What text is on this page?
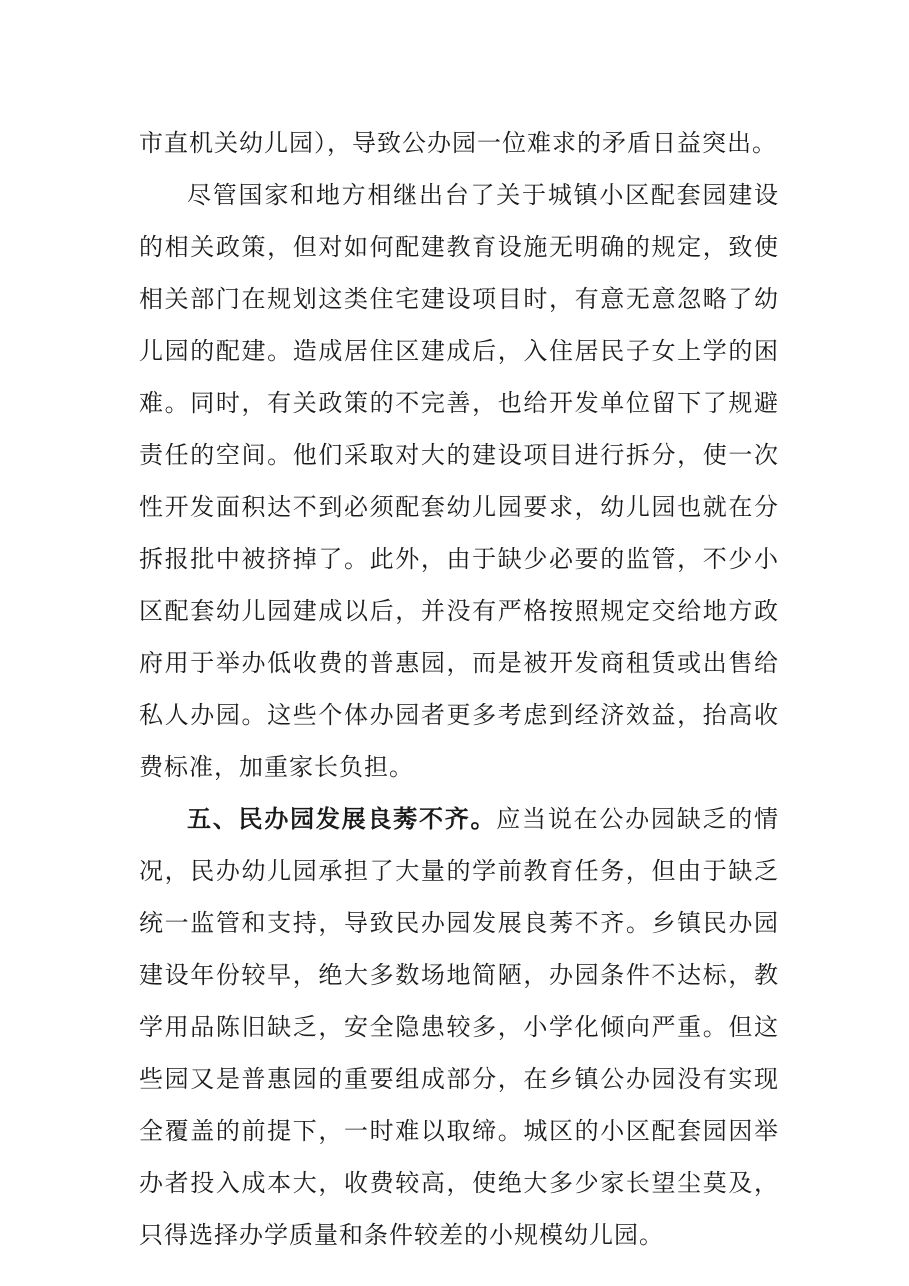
市直机关幼儿园），导致公办园一位难求的矛盾日益突出。
尽管国家和地方相继出台了关于城镇小区配套园建设
的相关政策，但对如何配建教育设施无明确的规定，致使
相关部门在规划这类住宅建设项目时，有意无意忽略了幼
儿园的配建。造成居住区建成后，入住居民子女上学的困
难。同时，有关政策的不完善，也给开发单位留下了规避
责任的空间。他们采取对大的建设项目进行拆分，使一次
性开发面积达不到必须配套幼儿园要求，幼儿园也就在分
拆报批中被挤掉了。此外，由于缺少必要的监管，不少小
区配套幼儿园建成以后，并没有严格按照规定交给地方政
府用于举办低收费的普惠园，而是被开发商租赁或出售给
私人办园。这些个体办园者更多考虑到经济效益，抬高收
费标准，加重家长负担。
五、民办园发展良莠不齐。应当说在公办园缺乏的情
况，民办幼儿园承担了大量的学前教育任务，但由于缺乏
统一监管和支持，导致民办园发展良莠不齐。乡镇民办园
建设年份较早，绝大多数场地简陋，办园条件不达标，教
学用品陈旧缺乏，安全隐患较多，小学化倾向严重。但这
些园又是普惠园的重要组成部分，在乡镇公办园没有实现
全覆盖的前提下，一时难以取缔。城区的小区配套园因举
办者投入成本大，收费较高，使绝大多少家长望尘莫及，
只得选择办学质量和条件较差的小规模幼儿园。
